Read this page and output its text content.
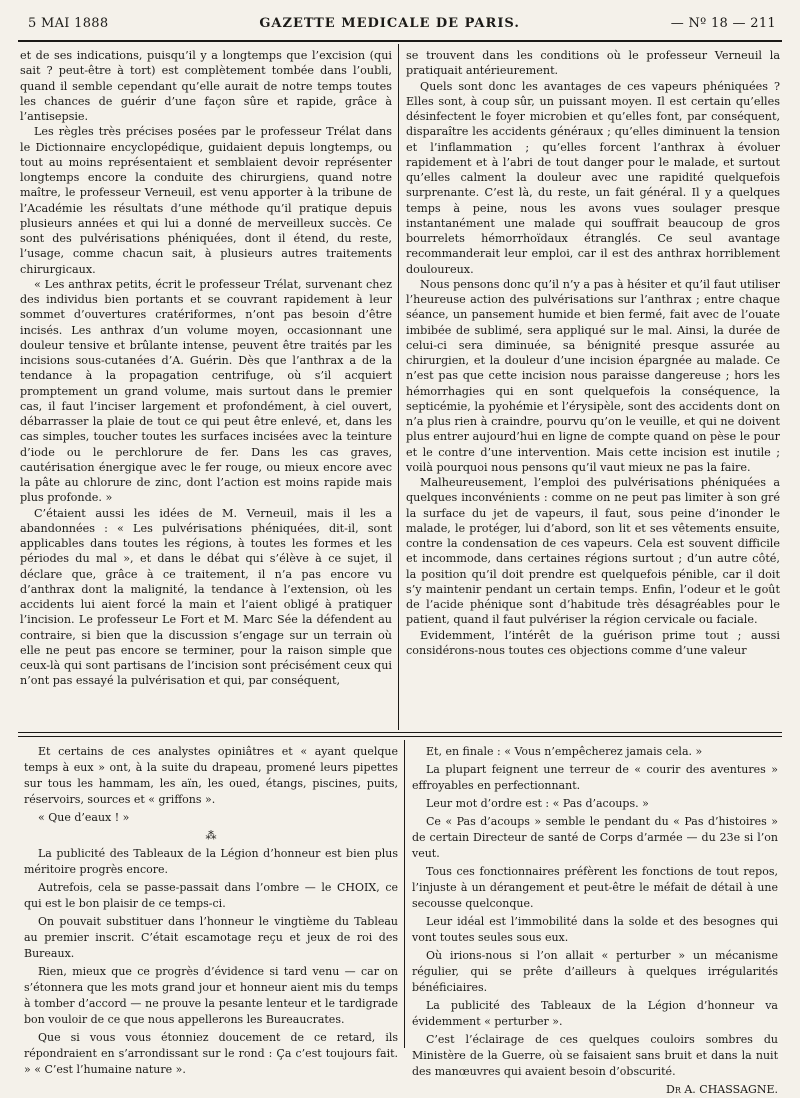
5 MAI 1888	GAZETTE MEDICALE DE PARIS.	— Nº 18 — 211

et de ses indications, puisqu’il y a longtemps que l’excision (qui sait ? peut-être à tort) est complètement tombée dans l’oubli, quand il semble cependant qu’elle aurait de notre temps toutes les chances de guérir d’une façon sûre et rapide, grâce à l’antisepsie.

Les règles très précises posées par le professeur Trélat dans le Dictionnaire encyclopédique, guidaient depuis longtemps, ou tout au moins représentaient et semblaient devoir représenter longtemps encore la conduite des chirurgiens, quand notre maître, le professeur Verneuil, est venu apporter à la tribune de l’Académie les résultats d’une méthode qu’il pratique depuis plusieurs années et qui lui a donné de merveilleux succès. Ce sont des pulvérisations phéniquées, dont il étend, du reste, l’usage, comme chacun sait, à plusieurs autres traitements chirurgicaux.

« Les anthrax petits, écrit le professeur Trélat, survenant chez des individus bien portants et se couvrant rapidement à leur sommet d’ouvertures cratériformes, n’ont pas besoin d’être incisés. Les anthrax d’un volume moyen, occasionnant une douleur tensive et brûlante intense, peuvent être traités par les incisions sous-cutanées d’A. Guérin. Dès que l’anthrax a de la tendance à la propagation centrifuge, où s’il acquiert promptement un grand volume, mais surtout dans le premier cas, il faut l’inciser largement et profondément, à ciel ouvert, débarrasser la plaie de tout ce qui peut être enlevé, et, dans les cas simples, toucher toutes les surfaces incisées avec la teinture d’iode ou le perchlorure de fer. Dans les cas graves, cautérisation énergique avec le fer rouge, ou mieux encore avec la pâte au chlorure de zinc, dont l’action est moins rapide mais plus profonde. »

C’étaient aussi les idées de M. Verneuil, mais il les a abandonnées : « Les pulvérisations phéniquées, dit-il, sont applicables dans toutes les régions, à toutes les formes et les périodes du mal », et dans le débat qui s’élève à ce sujet, il déclare que, grâce à ce traitement, il n’a pas encore vu d’anthrax dont la malignité, la tendance à l’extension, où les accidents lui aient forcé la main et l’aient obligé à pratiquer l’incision. Le professeur Le Fort et M. Marc Sée la défendent au contraire, si bien que la discussion s’engage sur un terrain où elle ne peut pas encore se terminer, pour la raison simple que ceux-là qui sont partisans de l’incision sont précisément ceux qui n’ont pas essayé la pulvérisation et qui, par conséquent,

se trouvent dans les conditions où le professeur Verneuil la pratiquait antérieurement.

Quels sont donc les avantages de ces vapeurs phéniquées ? Elles sont, à coup sûr, un puissant moyen. Il est certain qu’elles désinfectent le foyer microbien et qu’elles font, par conséquent, disparaître les accidents généraux ; qu’elles diminuent la tension et l’inflammation ; qu’elles forcent l’anthrax à évoluer rapidement et à l’abri de tout danger pour le malade, et surtout qu’elles calment la douleur avec une rapidité quelquefois surprenante. C’est là, du reste, un fait général. Il y a quelques temps à peine, nous les avons vues soulager presque instantanément une malade qui souffrait beaucoup de gros bourrelets hémorrhoïdaux étranglés. Ce seul avantage recommanderait leur emploi, car il est des anthrax horriblement douloureux.

Nous pensons donc qu’il n’y a pas à hésiter et qu’il faut utiliser l’heureuse action des pulvérisations sur l’anthrax ; entre chaque séance, un pansement humide et bien fermé, fait avec de l’ouate imbibée de sublimé, sera appliqué sur le mal. Ainsi, la durée de celui-ci sera diminuée, sa bénignité presque assurée au chirurgien, et la douleur d’une incision épargnée au malade. Ce n’est pas que cette incision nous paraisse dangereuse ; hors les hémorrhagies qui en sont quelquefois la conséquence, la septicémie, la pyohémie et l’érysipèle, sont des accidents dont on n’a plus rien à craindre, pourvu qu’on le veuille, et qui ne doivent plus entrer aujourd’hui en ligne de compte quand on pèse le pour et le contre d’une intervention. Mais cette incision est inutile ; voilà pourquoi nous pensons qu’il vaut mieux ne pas la faire.

Malheureusement, l’emploi des pulvérisations phéniquées a quelques inconvénients : comme on ne peut pas limiter à son gré la surface du jet de vapeurs, il faut, sous peine d’inonder le malade, le protéger, lui d’abord, son lit et ses vêtements ensuite, contre la condensation de ces vapeurs. Cela est souvent difficile et incommode, dans certaines régions surtout ; d’un autre côté, la position qu’il doit prendre est quelquefois pénible, car il doit s’y maintenir pendant un certain temps. Enfin, l’odeur et le goût de l’acide phénique sont d’habitude très désagréables pour le patient, quand il faut pulvériser la région cervicale ou faciale.

Evidemment, l’intérêt de la guérison prime tout ; aussi considérons-nous toutes ces objections comme d’une valeur

Et certains de ces analystes opiniâtres et « ayant quelque temps à eux » ont, à la suite du drapeau, promené leurs pipettes sur tous les hammam, les aïn, les oued, étangs, piscines, puits, réservoirs, sources et « griffons ».

« Que d’eaux ! »

⁂

La publicité des Tableaux de la Légion d’honneur est bien plus méritoire progrès encore.

Autrefois, cela se passe-passait dans l’ombre — le CHOIX, ce qui est le bon plaisir de ce temps-ci.

On pouvait substituer dans l’honneur le vingtième du Tableau au premier inscrit. C’était escamotage reçu et jeux de roi des Bureaux.

Rien, mieux que ce progrès d’évidence si tard venu — car on s’étonnera que les mots grand jour et honneur aient mis du temps à tomber d’accord — ne prouve la pesante lenteur et le tardigrade bon vouloir de ce que nous appellerons les Bureaucrates.

Que si vous vous étonniez doucement de ce retard, ils répondraient en s’arrondissant sur le rond : Ça c’est toujours fait. » « C’est l’humaine nature ».

Et, en finale : « Vous n’empêcherez jamais cela. »

La plupart feignent une terreur de « courir des aventures » effroyables en perfectionnant.

Leur mot d’ordre est : « Pas d’acoups. »

Ce « Pas d’acoups » semble le pendant du « Pas d’histoires » de certain Directeur de santé de Corps d’armée — du 23e si l’on veut.

Tous ces fonctionnaires préfèrent les fonctions de tout repos, l’injuste à un dérangement et peut-être le méfait de détail à une secousse quelconque.

Leur idéal est l’immobilité dans la solde et des besognes qui vont toutes seules sous eux.

Où irions-nous si l’on allait « perturber » un mécanisme régulier, qui se prête d’ailleurs à quelques irrégularités bénéficiaires.

La publicité des Tableaux de la Légion d’honneur va évidemment « perturber ».

C’est l’éclairage de ces quelques couloirs sombres du Ministère de la Guerre, où se faisaient sans bruit et dans la nuit des manœuvres qui avaient besoin d’obscurité.

Dr A. CHASSAGNE.
